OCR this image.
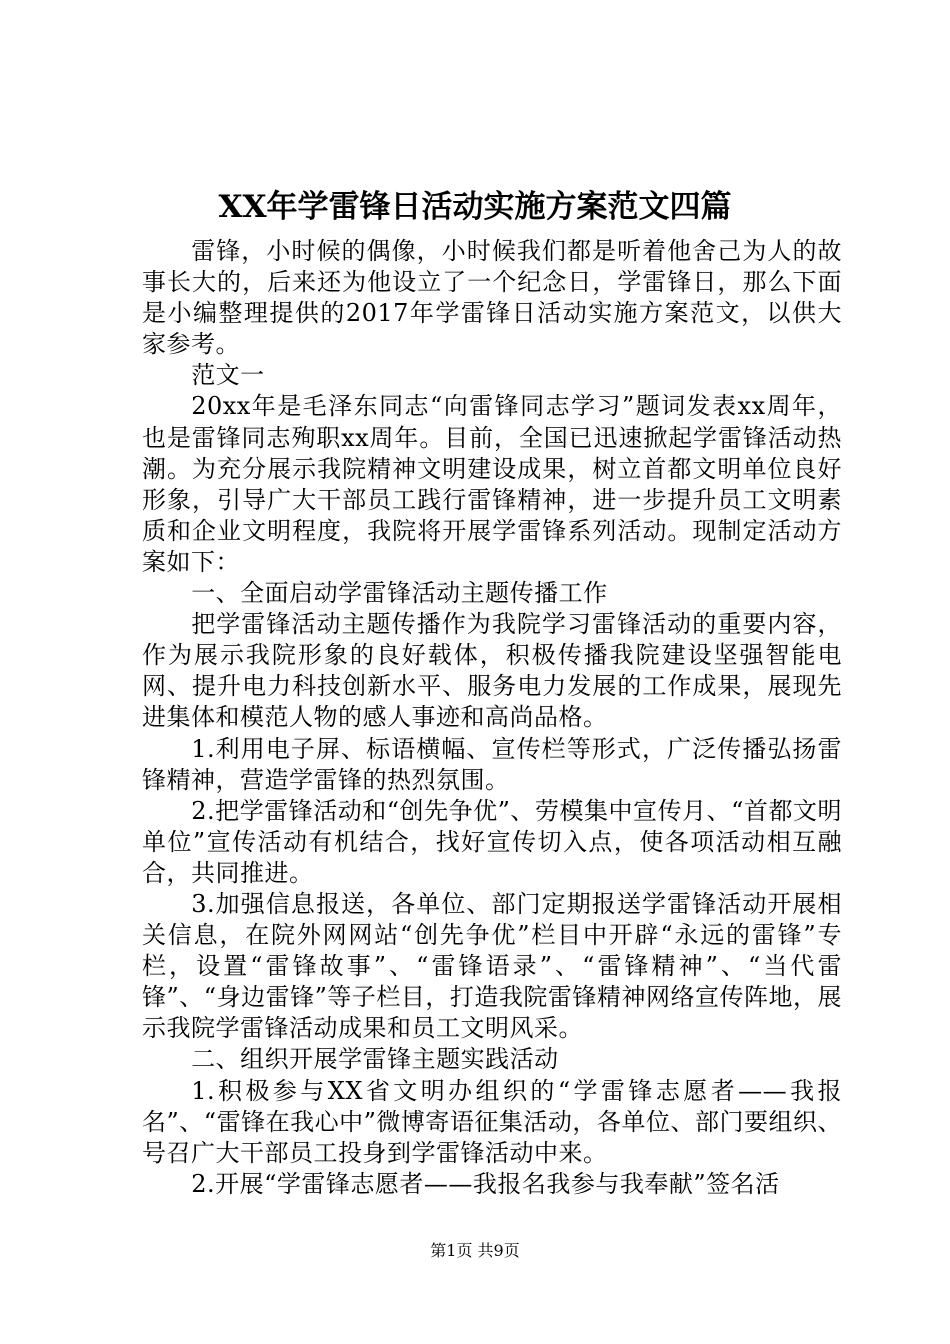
XX年学雷锋日活动实施方案范文四篇

雷锋，小时候的偶像，小时候我们都是听着他舍己为人的故事长大的，后来还为他设立了一个纪念日，学雷锋日，那么下面是小编整理提供的2017年学雷锋日活动实施方案范文，以供大家参考。

范文一

20xx年是毛泽东同志“向雷锋同志学习”题词发表xx周年，也是雷锋同志殉职xx周年。目前，全国已迅速掀起学雷锋活动热潮。为充分展示我院精神文明建设成果，树立首都文明单位良好形象，引导广大干部员工践行雷锋精神，进一步提升员工文明素质和企业文明程度，我院将开展学雷锋系列活动。现制定活动方案如下：

一、全面启动学雷锋活动主题传播工作

把学雷锋活动主题传播作为我院学习雷锋活动的重要内容，作为展示我院形象的良好载体，积极传播我院建设坚强智能电网、提升电力科技创新水平、服务电力发展的工作成果，展现先进集体和模范人物的感人事迹和高尚品格。

1.利用电子屏、标语横幅、宣传栏等形式，广泛传播弘扬雷锋精神，营造学雷锋的热烈氛围。

2.把学雷锋活动和“创先争优”、劳模集中宣传月、“首都文明单位”宣传活动有机结合，找好宣传切入点，使各项活动相互融合，共同推进。

3.加强信息报送，各单位、部门定期报送学雷锋活动开展相关信息，在院外网网站“创先争优”栏目中开辟“永远的雷锋”专栏，设置“雷锋故事”、“雷锋语录”、“雷锋精神”、“当代雷锋”、“身边雷锋”等子栏目，打造我院雷锋精神网络宣传阵地，展示我院学雷锋活动成果和员工文明风采。

二、组织开展学雷锋主题实践活动

1.积极参与XX省文明办组织的“学雷锋志愿者——我报名”、“雷锋在我心中”微博寄语征集活动，各单位、部门要组织、号召广大干部员工投身到学雷锋活动中来。

2.开展“学雷锋志愿者——我报名我参与我奉献”签名活

第1页 共9页
